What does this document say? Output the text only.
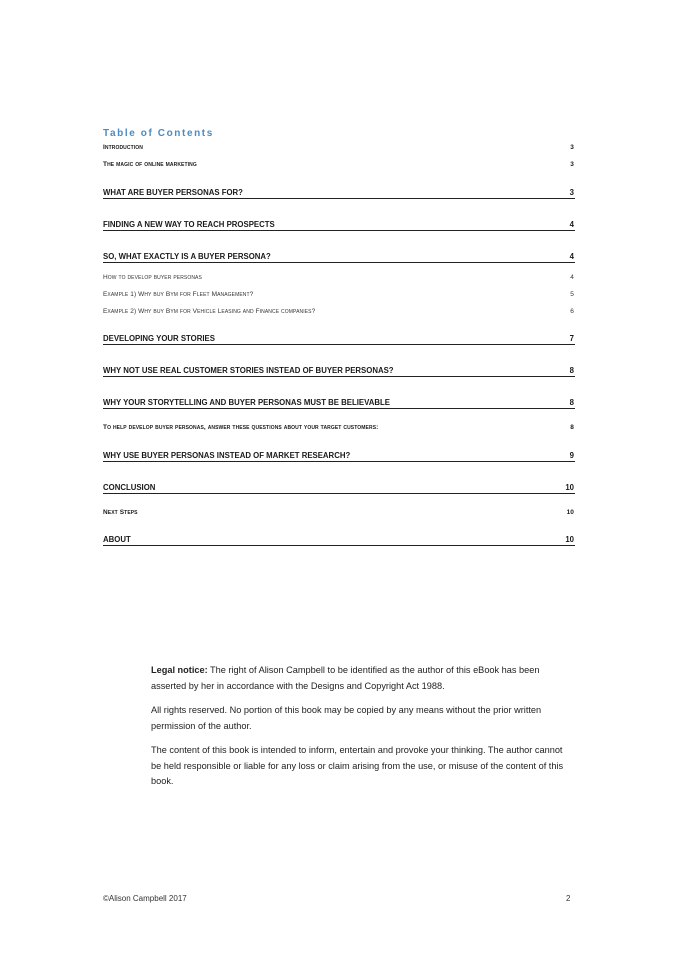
Table of Contents
Introduction	3
The magic of online marketing	3
WHAT ARE BUYER PERSONAS FOR?	3
FINDING A NEW WAY TO REACH PROSPECTS	4
SO, WHAT EXACTLY IS A BUYER PERSONA?	4
How to develop buyer personas	4
Example 1) Why buy Bym for Fleet Management?	5
Example 2) Why buy Bym for Vehicle Leasing and Finance companies?	6
DEVELOPING YOUR STORIES	7
WHY NOT USE REAL CUSTOMER STORIES INSTEAD OF BUYER PERSONAS?	8
WHY YOUR STORYTELLING AND BUYER PERSONAS MUST BE BELIEVABLE	8
To help develop buyer personas, answer these questions about your target customers:	8
WHY USE BUYER PERSONAS INSTEAD OF MARKET RESEARCH?	9
CONCLUSION	10
Next Steps	10
ABOUT	10

Legal notice: The right of Alison Campbell to be identified as the author of this eBook has been asserted by her in accordance with the Designs and Copyright Act 1988.

All rights reserved. No portion of this book may be copied by any means without the prior written permission of the author.

The content of this book is intended to inform, entertain and provoke your thinking. The author cannot be held responsible or liable for any loss or claim arising from the use, or misuse of the content of this book.

©Alison Campbell 2017	2
